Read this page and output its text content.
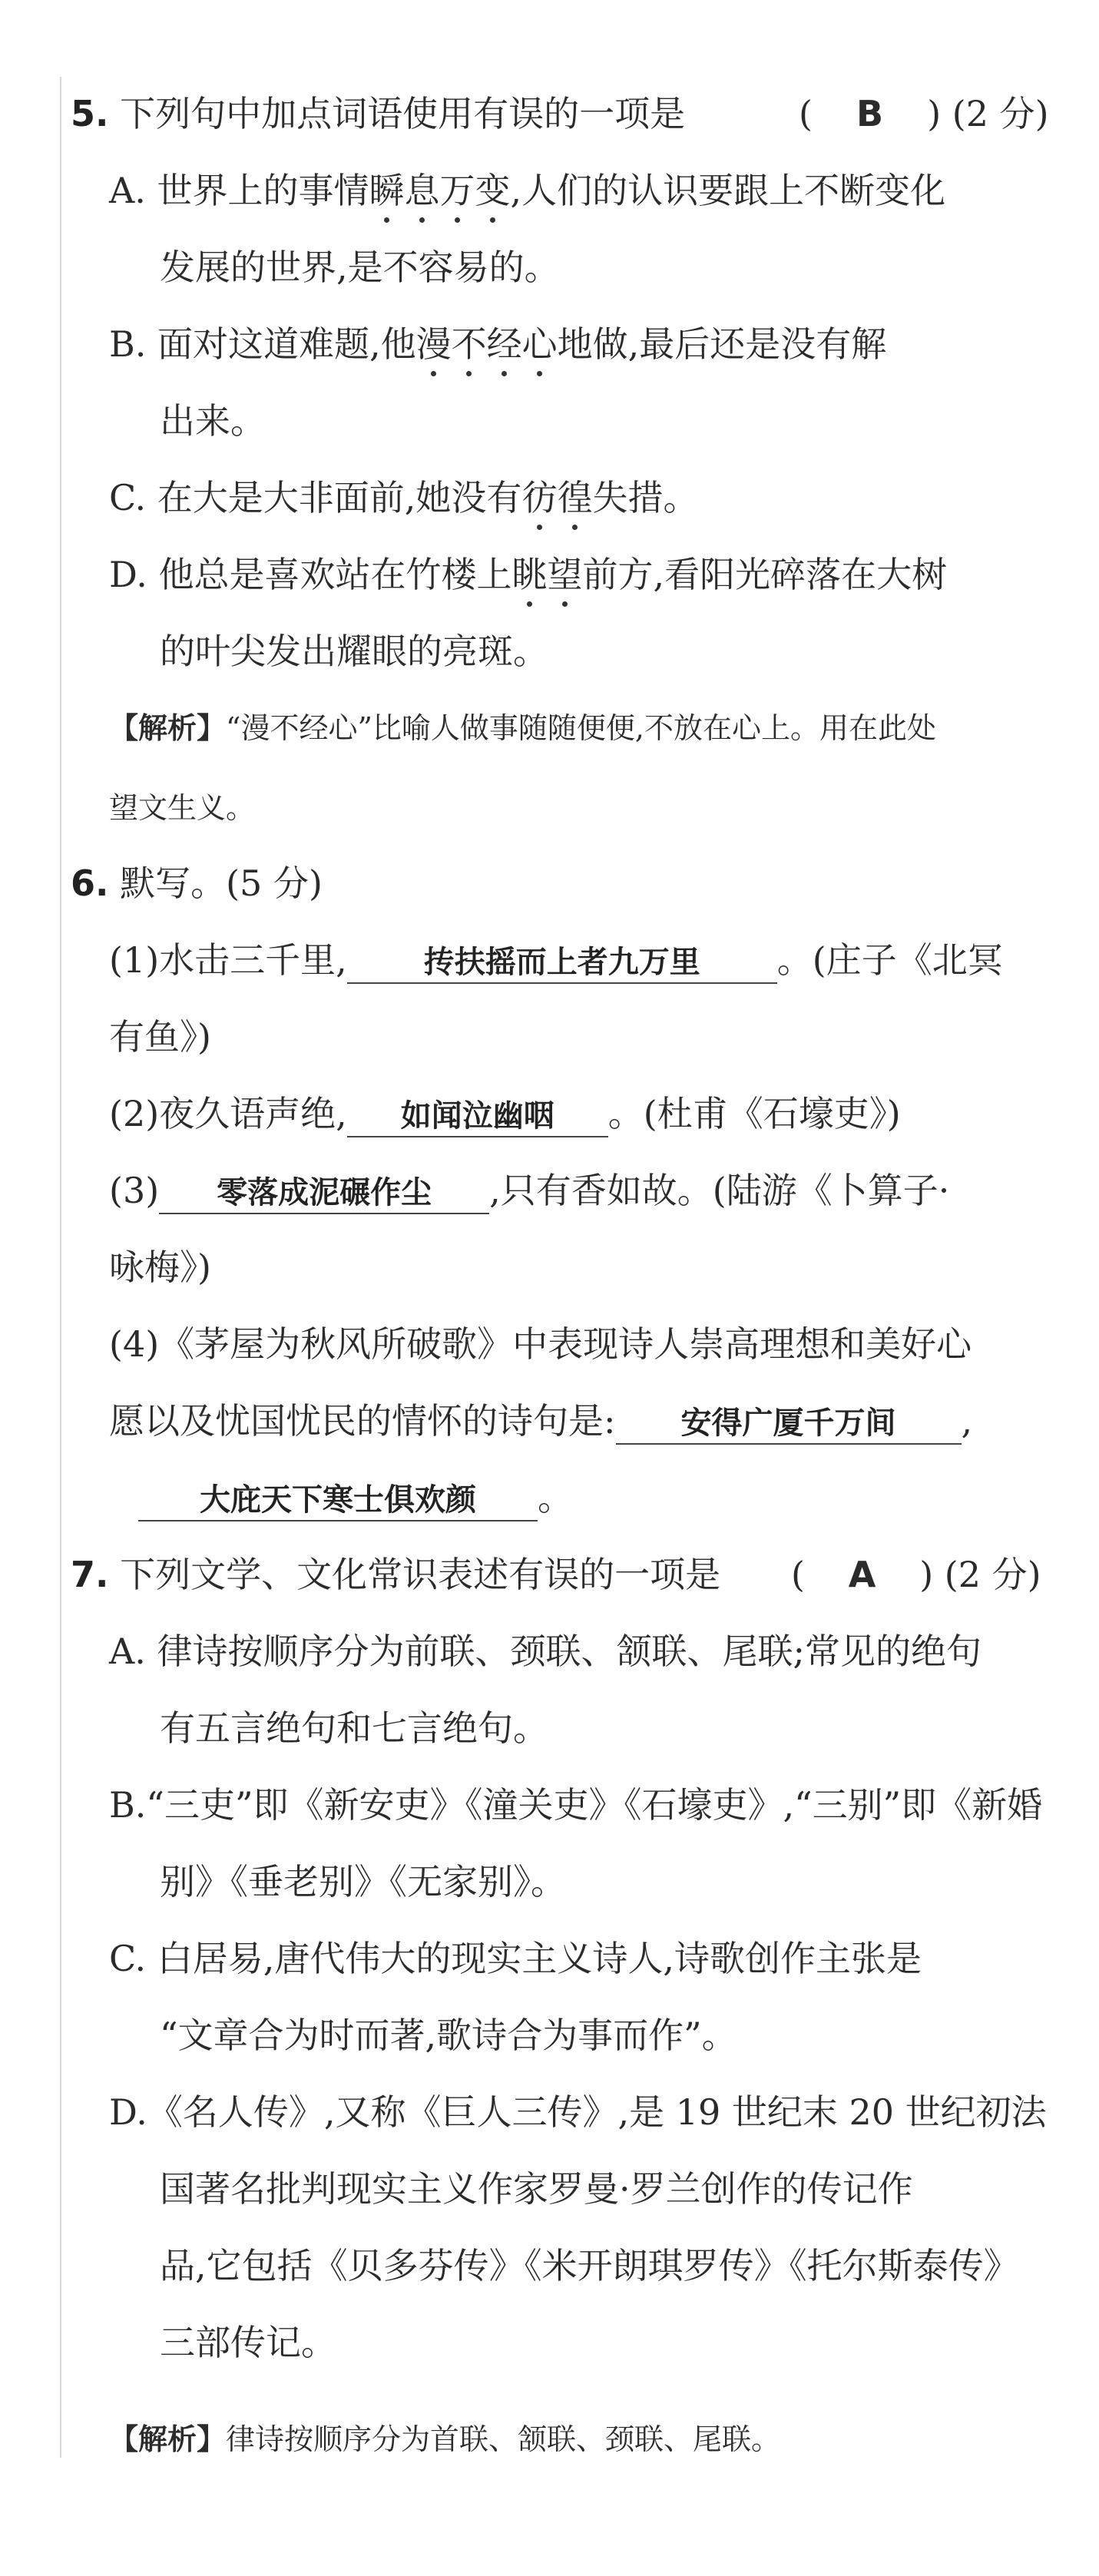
5. 下列句中加点词语使用有误的一项是	( B ) (2 分)
A. 世界上的事情瞬息万变,人们的认识要跟上不断变化
发展的世界,是不容易的。
B. 面对这道难题,他漫不经心地做,最后还是没有解
出来。
C. 在大是大非面前,她没有彷徨失措。
D. 他总是喜欢站在竹楼上眺望前方,看阳光碎落在大树
的叶尖发出耀眼的亮斑。
【解析】“漫不经心”比喻人做事随随便便,不放在心上。用在此处
望文生义。
6. 默写。(5 分)
(1)水击三千里,	抟扶摇而上者九万里 。(庄子《北冥
有鱼》)
(2)夜久语声绝, 如闻泣幽咽 。(杜甫《石壕吏》)
(3) 零落成泥碾作尘 ,只有香如故。(陆游《卜算子·
咏梅》)
(4)《茅屋为秋风所破歌》中表现诗人崇高理想和美好心
愿以及忧国忧民的情怀的诗句是: 安得广厦千万间 ,
大庇天下寒士俱欢颜 。
7. 下列文学、文化常识表述有误的一项是 ( A ) (2 分)
A. 律诗按顺序分为前联、颈联、颔联、尾联;常见的绝句
有五言绝句和七言绝句。
B.“三吏”即《新安吏》《潼关吏》《石壕吏》,“三别”即《新婚
别》《垂老别》《无家别》。
C. 白居易,唐代伟大的现实主义诗人,诗歌创作主张是
“文章合为时而著,歌诗合为事而作”。
D.《名人传》,又称《巨人三传》,是 19 世纪末 20 世纪初法
国著名批判现实主义作家罗曼·罗兰创作的传记作
品,它包括《贝多芬传》《米开朗琪罗传》《托尔斯泰传》
三部传记。
【解析】律诗按顺序分为首联、颔联、颈联、尾联。
